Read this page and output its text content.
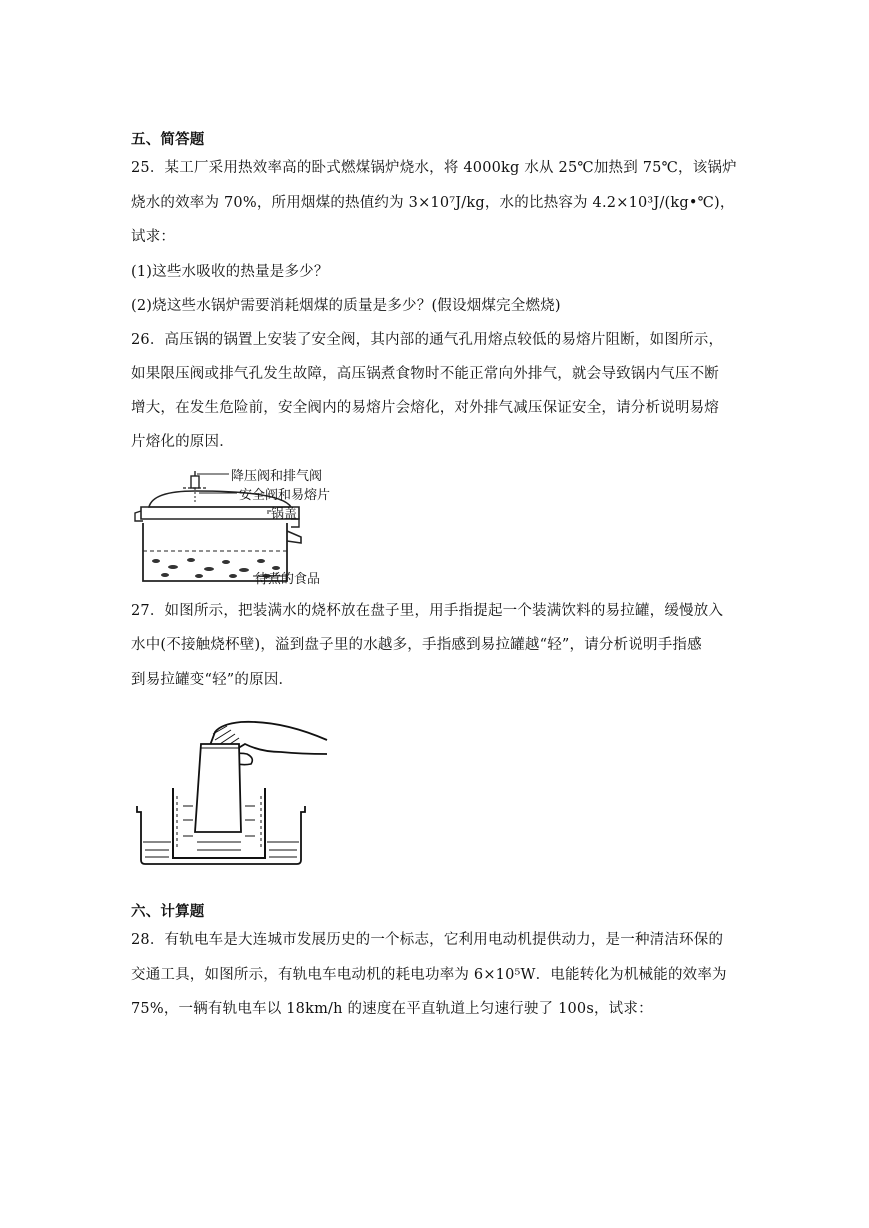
五、简答题
25．某工厂采用热效率高的卧式燃煤锅炉烧水，将 4000kg 水从 25℃加热到 75℃，该锅炉
烧水的效率为 70%，所用烟煤的热值约为 3×10⁷J/kg，水的比热容为 4.2×10³J/(kg•℃)，
试求：
(1)这些水吸收的热量是多少？
(2)烧这些水锅炉需要消耗烟煤的质量是多少？(假设烟煤完全燃烧)
26．高压锅的锅置上安装了安全阀，其内部的通气孔用熔点较低的易熔片阻断，如图所示，
如果限压阀或排气孔发生故障，高压锅煮食物时不能正常向外排气，就会导致锅内气压不断
增大，在发生危险前，安全阀内的易熔片会熔化，对外排气减压保证安全，请分析说明易熔
片熔化的原因．
降压阀和排气阀
安全阀和易熔片
锅盖
待煮的食品
27．如图所示，把装满水的烧杯放在盘子里，用手指提起一个装满饮料的易拉罐，缓慢放入
水中(不接触烧杯壁)，溢到盘子里的水越多，手指感到易拉罐越“轻”，请分析说明手指感
到易拉罐变“轻”的原因．
六、计算题
28．有轨电车是大连城市发展历史的一个标志，它利用电动机提供动力，是一种清洁环保的
交通工具，如图所示，有轨电车电动机的耗电功率为 6×10⁵W．电能转化为机械能的效率为
75%，一辆有轨电车以 18km/h 的速度在平直轨道上匀速行驶了 100s，试求：
